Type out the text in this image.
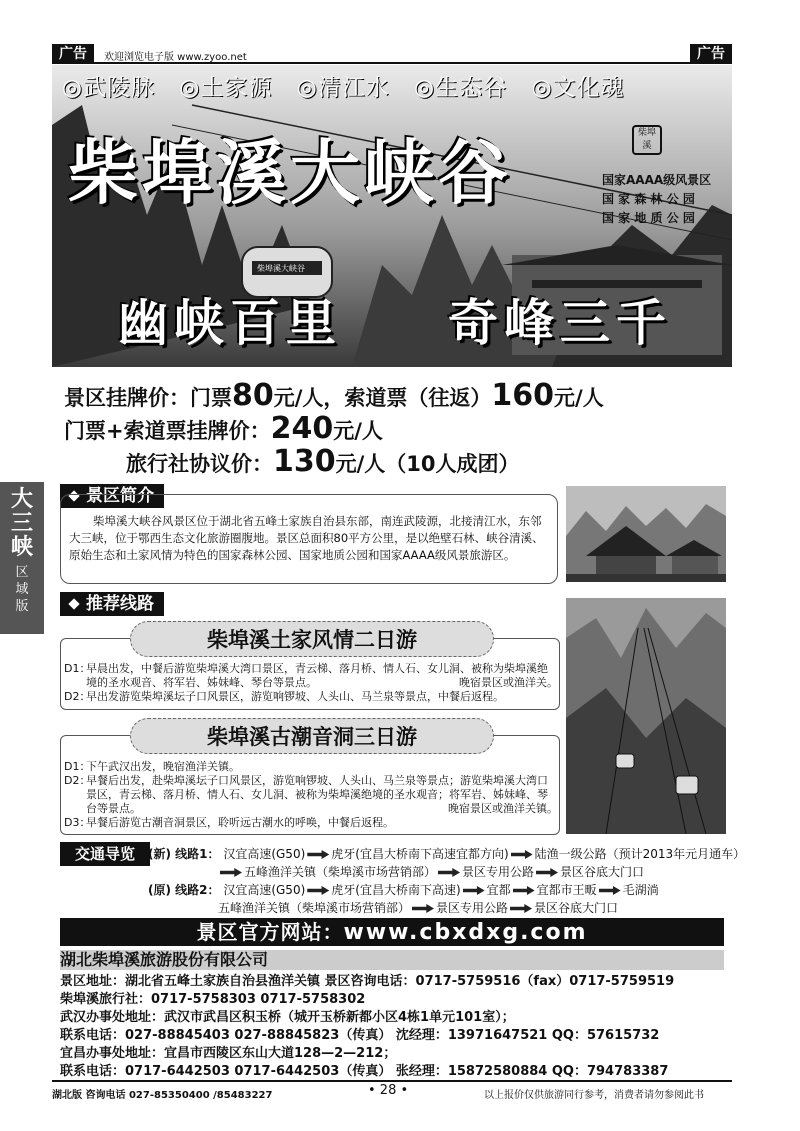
广告	欢迎浏览电子版 www.zyoo.net	广告
◎武陵脉 ◎土家源 ◎清江水 ◎生态谷 ◎文化魂
柴埠溪大峡谷	柴埠溪
国家AAAA级风景区
国 家 森 林 公 园
国 家 地 质 公 园
柴埠溪大峡谷
幽峡百里 奇峰三千
景区挂牌价：门票80元/人，索道票（往返）160元/人
门票+索道票挂牌价：240元/人
旅行社协议价：130元/人（10人成团）
大三峡
区域版
景区简介
柴埠溪大峡谷风景区位于湖北省五峰土家族自治县东部，南连武陵源，北接清江水，东邻大三峡，位于鄂西生态文化旅游圈腹地。景区总面积80平方公里，是以绝壁石林、峡谷清溪、原始生态和土家风情为特色的国家森林公园、国家地质公园和国家AAAA级风景旅游区。
推荐线路
柴埠溪土家风情二日游
D1：
早晨出发，中餐后游览柴埠溪大湾口景区，青云梯、落月桥、情人石、女儿洞、被称为柴埠溪绝境的圣水观音、将军岩、姊妹峰、琴台等景点。	晚宿景区或渔洋关。
D2：
早出发游览柴埠溪坛子口风景区，游览响锣坡、人头山、马兰泉等景点，中餐后返程。
柴埠溪古潮音洞三日游
D1：
下午武汉出发，晚宿渔洋关镇。
D2：
早餐后出发，赴柴埠溪坛子口风景区，游览响锣坡、人头山、马兰泉等景点；游览柴埠溪大湾口景区，青云梯、落月桥、情人石、女儿洞、被称为柴埠溪绝境的圣水观音；将军岩、姊妹峰、琴台等景点。	晚宿景区或渔洋关镇。
D3：
早餐后游览古潮音洞景区，聆听远古潮水的呼唤，中餐后返程。
交通导览	(新) 线路1： 汉宜高速(G50) 虎牙(宜昌大桥南下高速宜都方向) 陆渔一级公路（预计2013年元月通车）
五峰渔洋关镇（柴埠溪市场营销部） 景区专用公路 景区谷底大门口
(原) 线路2： 汉宜高速(G50) 虎牙(宜昌大桥南下高速) 宜都 宜都市王畈 毛湖淌
五峰渔洋关镇（柴埠溪市场营销部） 景区专用公路 景区谷底大门口
景区官方网站：www.cbxdxg.com
湖北柴埠溪旅游股份有限公司
景区地址：湖北省五峰土家族自治县渔洋关镇 景区咨询电话：0717-5759516（fax）0717-5759519
柴埠溪旅行社：0717-5758303 0717-5758302
武汉办事处地址：武汉市武昌区积玉桥（城开玉桥新都小区4栋1单元101室）；
联系电话：027-88845403 027-88845823（传真） 沈经理：13971647521 QQ：57615732
宜昌办事处地址：宜昌市西陵区东山大道128—2—212；
联系电话：0717-6442503 0717-6442503（传真） 张经理：15872580884 QQ：794783387
湖北版 咨询电话 027-85350400 /85483227	• 28 •	以上报价仅供旅游同行参考，消费者请勿参阅此书
